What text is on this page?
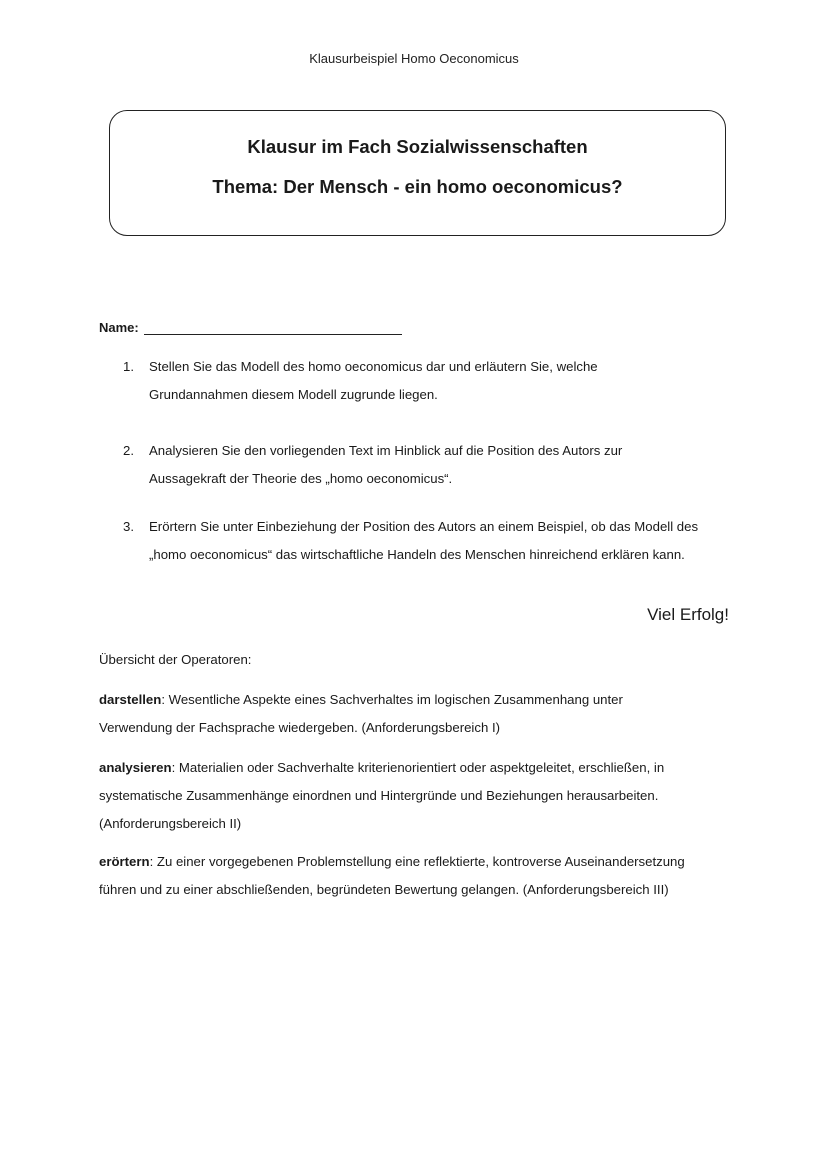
Klausurbeispiel Homo Oeconomicus
Klausur im Fach Sozialwissenschaften
Thema: Der Mensch - ein homo oeconomicus?
Name:
1. Stellen Sie das Modell des homo oeconomicus dar und erläutern Sie, welche
Grundannahmen diesem Modell zugrunde liegen.
2. Analysieren Sie den vorliegenden Text im Hinblick auf die Position des Autors zur
Aussagekraft der Theorie des „homo oeconomicus“.
3. Erörtern Sie unter Einbeziehung der Position des Autors an einem Beispiel, ob das Modell des
„homo oeconomicus“ das wirtschaftliche Handeln des Menschen hinreichend erklären kann.
Viel Erfolg!
Übersicht der Operatoren:
darstellen: Wesentliche Aspekte eines Sachverhaltes im logischen Zusammenhang unter
Verwendung der Fachsprache wiedergeben. (Anforderungsbereich I)
analysieren: Materialien oder Sachverhalte kriterienorientiert oder aspektgeleitet, erschließen, in
systematische Zusammenhänge einordnen und Hintergründe und Beziehungen herausarbeiten.
(Anforderungsbereich II)
erörtern: Zu einer vorgegebenen Problemstellung eine reflektierte, kontroverse Auseinandersetzung
führen und zu einer abschließenden, begründeten Bewertung gelangen. (Anforderungsbereich III)
